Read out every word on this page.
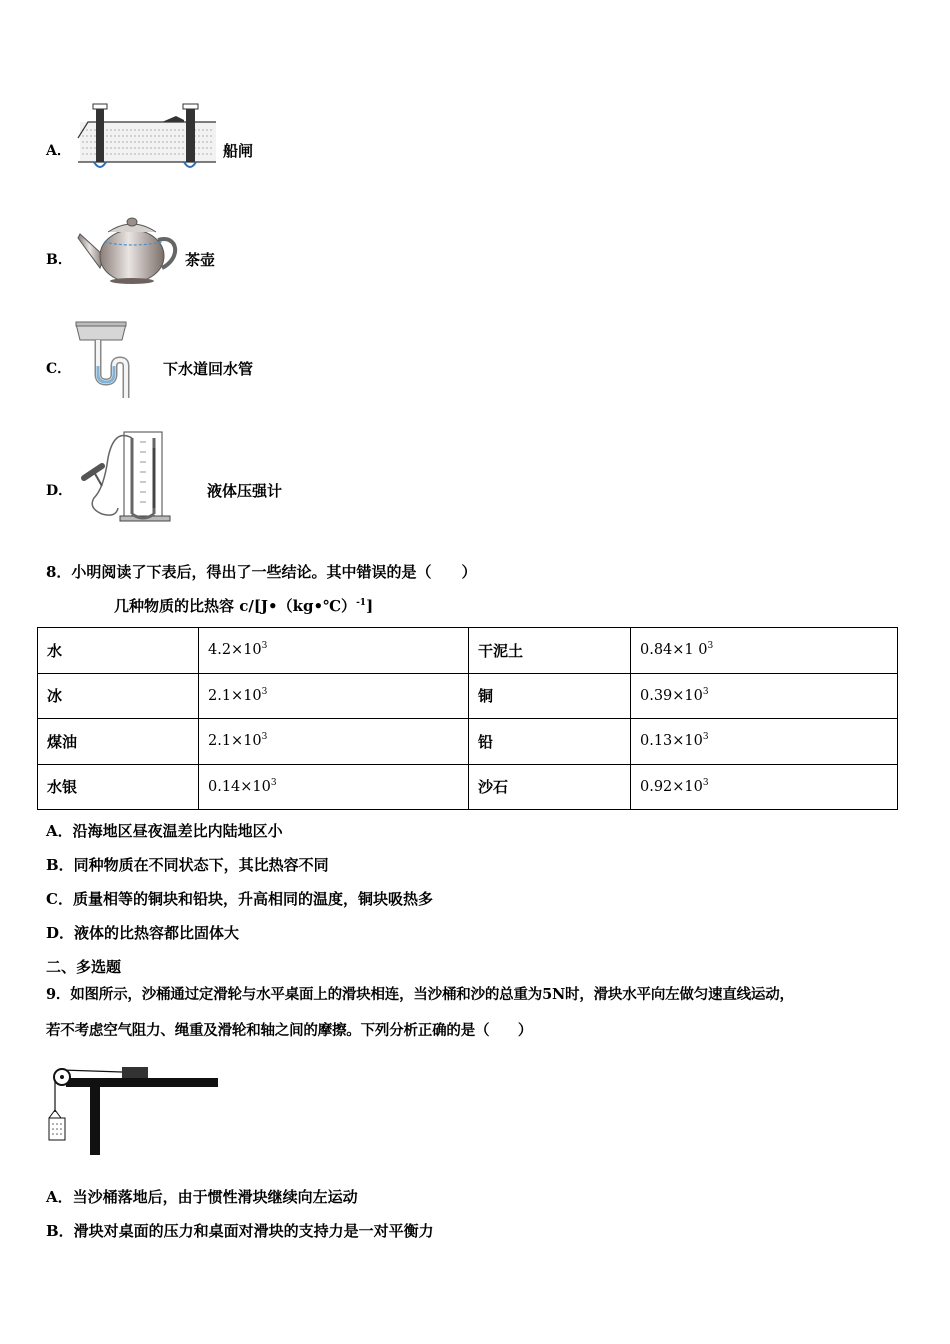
A．	船闸
B．	茶壶
C．	下水道回水管
D．	液体压强计
8．小明阅读了下表后，得出了一些结论。其中错误的是（　　）
几种物质的比热容 c/[J•（kg•℃）$^{-1}$]
水	$4.2\times 10^3$	干泥土	0.84×1 $0^3$
冰	$2.1\times 10^3$	铜	$0.39\times 10^3$
煤油	$2.1\times 10^3$	铅	$0.13\times 10^3$
水银	$0.14\times 10^3$	沙石	$0.92\times 10^3$
A．沿海地区昼夜温差比内陆地区小
B．同种物质在不同状态下，其比热容不同
C．质量相等的铜块和铅块，升高相同的温度，铜块吸热多
D．液体的比热容都比固体大
二、多选题
9．如图所示，沙桶通过定滑轮与水平桌面上的滑块相连，当沙桶和沙的总重为5N时，滑块水平向左做匀速直线运动，
若不考虑空气阻力、绳重及滑轮和轴之间的摩擦。下列分析正确的是（　　）
A．当沙桶落地后，由于惯性滑块继续向左运动
B．滑块对桌面的压力和桌面对滑块的支持力是一对平衡力
